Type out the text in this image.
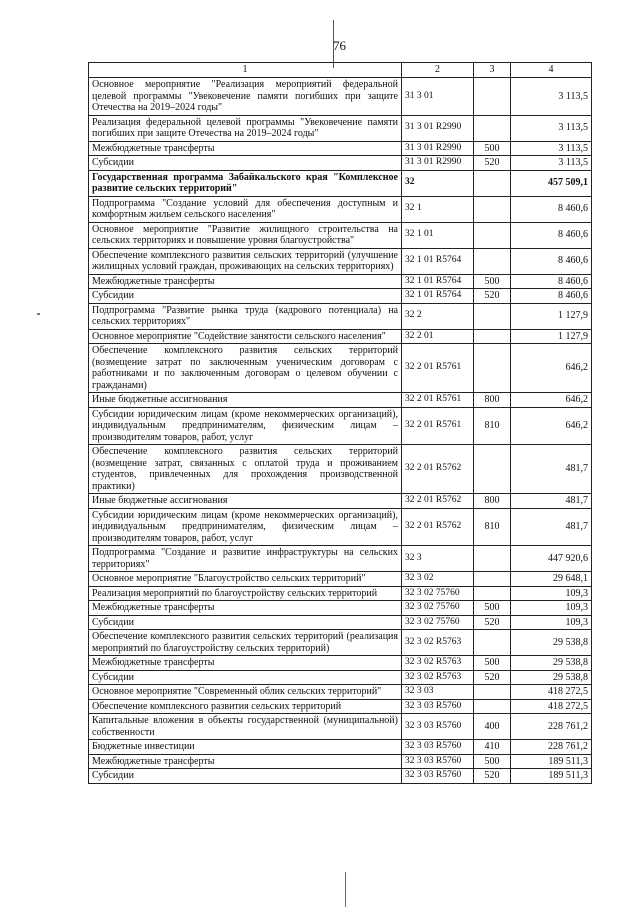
76
1	2	3	4
Основное мероприятие "Реализация мероприятий федеральной целевой программы "Увековечение памяти погибших при защите Отечества на 2019–2024 годы"	31 3 01		3 113,5
Реализация федеральной целевой программы "Увековечение памяти погибших при защите Отечества на 2019–2024 годы"	31 3 01 R2990		3 113,5
Межбюджетные трансферты	31 3 01 R2990	500	3 113,5
Субсидии	31 3 01 R2990	520	3 113,5
Государственная программа Забайкальского края "Комплексное развитие сельских территорий"	32		457 509,1
Подпрограмма "Создание условий для обеспечения доступным и комфортным жильем сельского населения"	32 1		8 460,6
Основное мероприятие "Развитие жилищного строительства на сельских территориях и повышение уровня благоустройства"	32 1 01		8 460,6
Обеспечение комплексного развития сельских территорий (улучшение жилищных условий граждан, проживающих на сельских территориях)	32 1 01 R5764		8 460,6
Межбюджетные трансферты	32 1 01 R5764	500	8 460,6
Субсидии	32 1 01 R5764	520	8 460,6
Подпрограмма "Развитие рынка труда (кадрового потенциала) на сельских территориях"	32 2		1 127,9
Основное мероприятие "Содействие занятости сельского населения"	32 2 01		1 127,9
Обеспечение комплексного развития сельских территорий (возмещение затрат по заключенным ученическим договорам с работниками и по заключенным договорам о целевом обучении с гражданами)	32 2 01 R5761		646,2
Иные бюджетные ассигнования	32 2 01 R5761	800	646,2
Субсидии юридическим лицам (кроме некоммерческих организаций), индивидуальным предпринимателям, физическим лицам – производителям товаров, работ, услуг	32 2 01 R5761	810	646,2
Обеспечение комплексного развития сельских территорий (возмещение затрат, связанных с оплатой труда и проживанием студентов, привлеченных для прохождения производственной практики)	32 2 01 R5762		481,7
Иные бюджетные ассигнования	32 2 01 R5762	800	481,7
Субсидии юридическим лицам (кроме некоммерческих организаций), индивидуальным предпринимателям, физическим лицам – производителям товаров, работ, услуг	32 2 01 R5762	810	481,7
Подпрограмма "Создание и развитие инфраструктуры на сельских территориях"	32 3		447 920,6
Основное мероприятие "Благоустройство сельских территорий"	32 3 02		29 648,1
Реализация мероприятий по благоустройству сельских территорий	32 3 02 75760		109,3
Межбюджетные трансферты	32 3 02 75760	500	109,3
Субсидии	32 3 02 75760	520	109,3
Обеспечение комплексного развития сельских территорий (реализация мероприятий по благоустройству сельских территорий)	32 3 02 R5763		29 538,8
Межбюджетные трансферты	32 3 02 R5763	500	29 538,8
Субсидии	32 3 02 R5763	520	29 538,8
Основное мероприятие "Современный облик сельских территорий"	32 3 03		418 272,5
Обеспечение комплексного развития сельских территорий	32 3 03 R5760		418 272,5
Капитальные вложения в объекты государственной (муниципальной) собственности	32 3 03 R5760	400	228 761,2
Бюджетные инвестиции	32 3 03 R5760	410	228 761,2
Межбюджетные трансферты	32 3 03 R5760	500	189 511,3
Субсидии	32 3 03 R5760	520	189 511,3
